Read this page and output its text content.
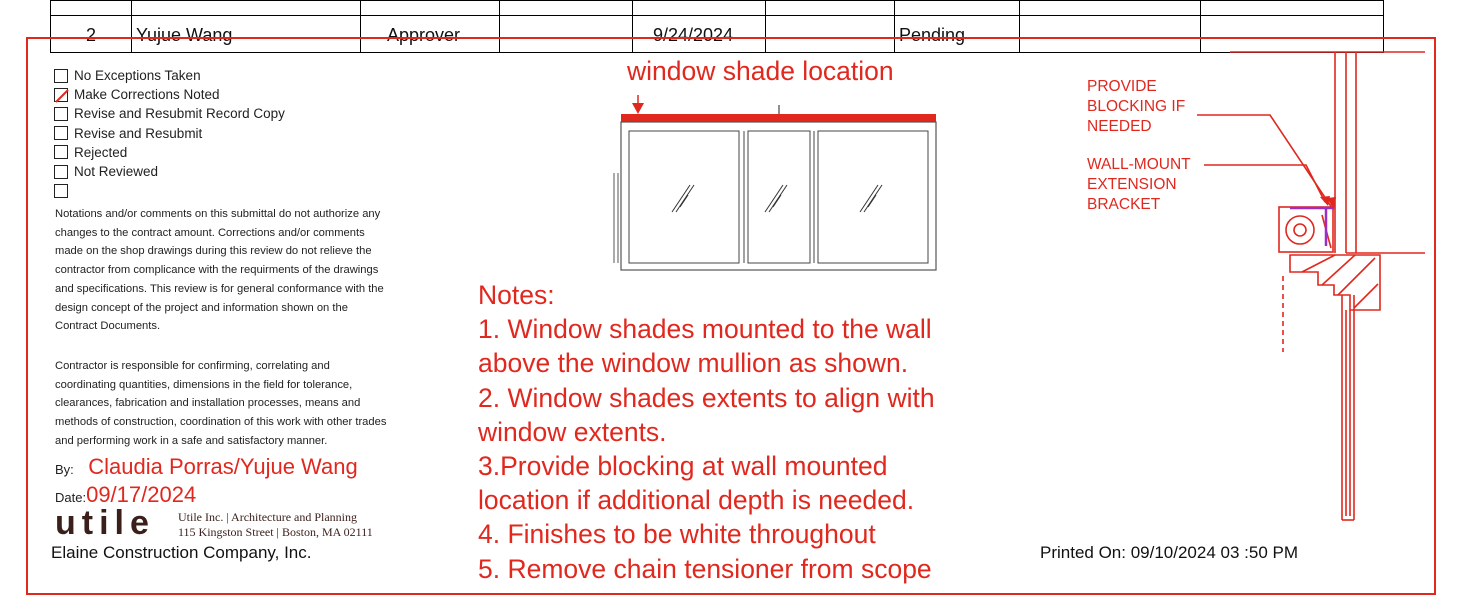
2	Yujue Wang	Approver		9/24/2024		Pending		
No Exceptions Taken
Make Corrections Noted
Revise and Resubmit Record Copy
Revise and Resubmit
Rejected
Not Reviewed
Notations and/or comments on this submittal do not authorize any
changes to the contract amount. Corrections and/or comments
made on the shop drawings during this review do not relieve the
contractor from complicance with the requirments of the drawings
and specifications. This review is for general conformance with the
design concept of the project and information shown on the
Contract Documents.
Contractor is responsible for confirming, correlating and
coordinating quantities, dimensions in the field for tolerance,
clearances, fabrication and installation processes, means and
methods of construction, coordination of this work with other trades
and performing work in a safe and satisfactory manner.
By: Claudia Porras/Yujue Wang
Date:09/17/2024
utile Utile Inc. | Architecture and Planning
115 Kingston Street | Boston, MA 02111
Elaine Construction Company, Inc.
window shade location
Notes:
1. Window shades mounted to the wall
above the window mullion as shown.
2. Window shades extents to align with
window extents.
3.Provide blocking at wall mounted
location if additional depth is needed.
4. Finishes to be white throughout
5. Remove chain tensioner from scope
PROVIDE
BLOCKING IF
NEEDED
WALL-MOUNT
EXTENSION
BRACKET
Printed On: 09/10/2024 03 :50 PM
